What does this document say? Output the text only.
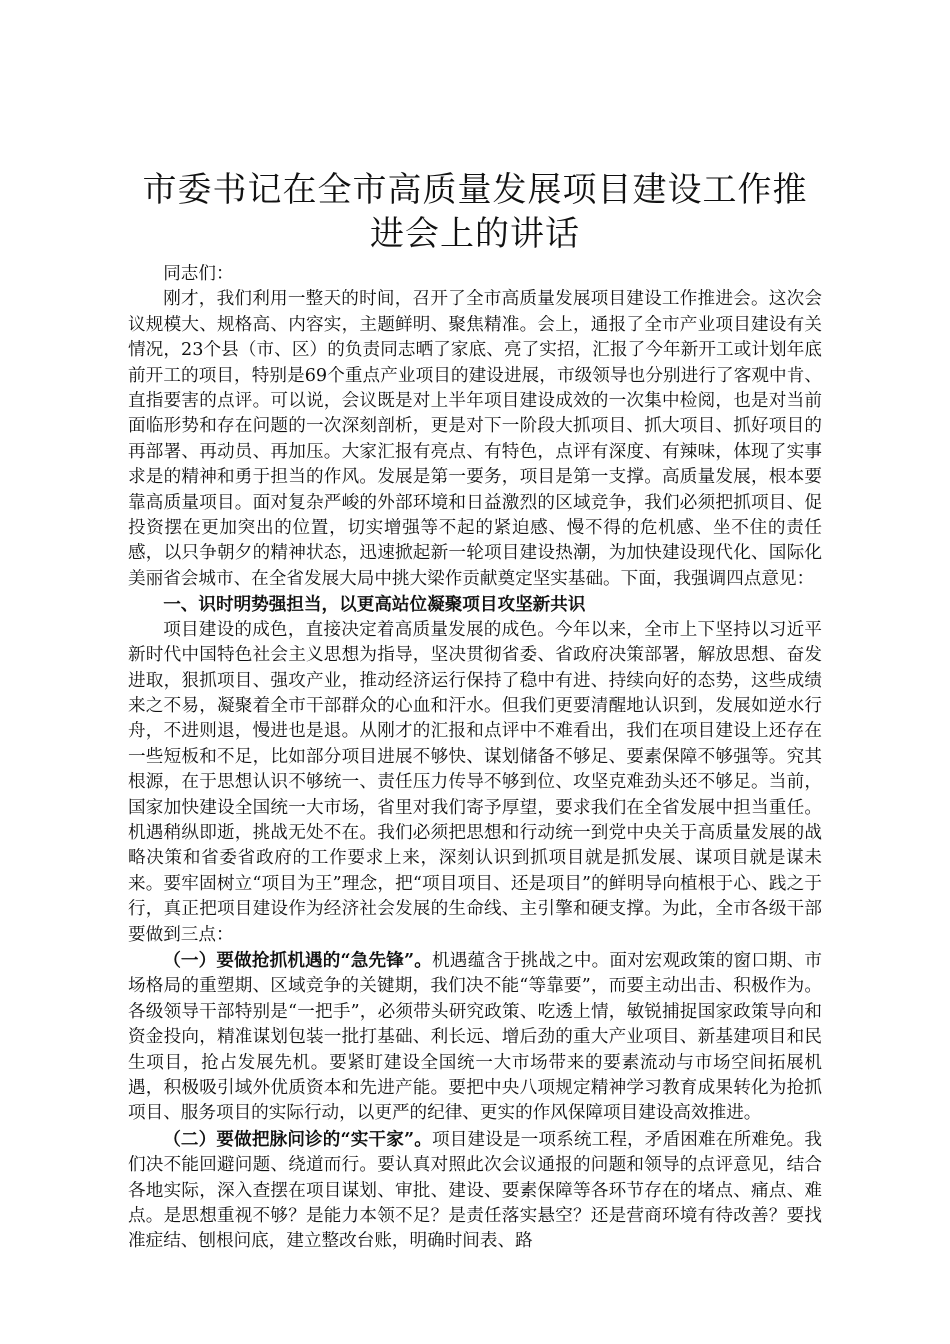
市委书记在全市高质量发展项目建设工作推进会上的讲话

同志们：

刚才，我们利用一整天的时间，召开了全市高质量发展项目建设工作推进会。这次会议规模大、规格高、内容实，主题鲜明、聚焦精准。会上，通报了全市产业项目建设有关情况，23个县（市、区）的负责同志晒了家底、亮了实招，汇报了今年新开工或计划年底前开工的项目，特别是69个重点产业项目的建设进展，市级领导也分别进行了客观中肯、直指要害的点评。可以说，会议既是对上半年项目建设成效的一次集中检阅，也是对当前面临形势和存在问题的一次深刻剖析，更是对下一阶段大抓项目、抓大项目、抓好项目的再部署、再动员、再加压。大家汇报有亮点、有特色，点评有深度、有辣味，体现了实事求是的精神和勇于担当的作风。发展是第一要务，项目是第一支撑。高质量发展，根本要靠高质量项目。面对复杂严峻的外部环境和日益激烈的区域竞争，我们必须把抓项目、促投资摆在更加突出的位置，切实增强等不起的紧迫感、慢不得的危机感、坐不住的责任感，以只争朝夕的精神状态，迅速掀起新一轮项目建设热潮，为加快建设现代化、国际化美丽省会城市、在全省发展大局中挑大梁作贡献奠定坚实基础。下面，我强调四点意见：

一、识时明势强担当，以更高站位凝聚项目攻坚新共识

项目建设的成色，直接决定着高质量发展的成色。今年以来，全市上下坚持以习近平新时代中国特色社会主义思想为指导，坚决贯彻省委、省政府决策部署，解放思想、奋发进取，狠抓项目、强攻产业，推动经济运行保持了稳中有进、持续向好的态势，这些成绩来之不易，凝聚着全市干部群众的心血和汗水。但我们更要清醒地认识到，发展如逆水行舟，不进则退，慢进也是退。从刚才的汇报和点评中不难看出，我们在项目建设上还存在一些短板和不足，比如部分项目进展不够快、谋划储备不够足、要素保障不够强等。究其根源，在于思想认识不够统一、责任压力传导不够到位、攻坚克难劲头还不够足。当前，国家加快建设全国统一大市场，省里对我们寄予厚望，要求我们在全省发展中担当重任。机遇稍纵即逝，挑战无处不在。我们必须把思想和行动统一到党中央关于高质量发展的战略决策和省委省政府的工作要求上来，深刻认识到抓项目就是抓发展、谋项目就是谋未来。要牢固树立“项目为王”理念，把“项目项目、还是项目”的鲜明导向植根于心、践之于行，真正把项目建设作为经济社会发展的生命线、主引擎和硬支撑。为此，全市各级干部要做到三点：

（一）要做抢抓机遇的“急先锋”。机遇蕴含于挑战之中。面对宏观政策的窗口期、市场格局的重塑期、区域竞争的关键期，我们决不能“等靠要”，而要主动出击、积极作为。各级领导干部特别是“一把手”，必须带头研究政策、吃透上情，敏锐捕捉国家政策导向和资金投向，精准谋划包装一批打基础、利长远、增后劲的重大产业项目、新基建项目和民生项目，抢占发展先机。要紧盯建设全国统一大市场带来的要素流动与市场空间拓展机遇，积极吸引域外优质资本和先进产能。要把中央八项规定精神学习教育成果转化为抢抓项目、服务项目的实际行动，以更严的纪律、更实的作风保障项目建设高效推进。

（二）要做把脉问诊的“实干家”。项目建设是一项系统工程，矛盾困难在所难免。我们决不能回避问题、绕道而行。要认真对照此次会议通报的问题和领导的点评意见，结合各地实际，深入查摆在项目谋划、审批、建设、要素保障等各环节存在的堵点、痛点、难点。是思想重视不够？是能力本领不足？是责任落实悬空？还是营商环境有待改善？要找准症结、刨根问底，建立整改台账，明确时间表、路
